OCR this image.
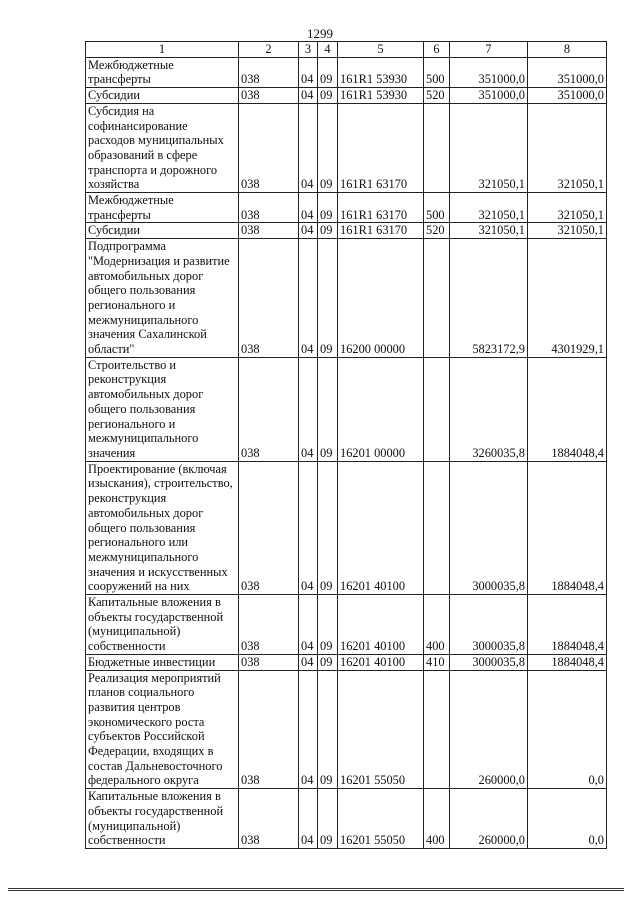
1299
1	2	3	4	5	6	7	8
Межбюджетные трансферты	038	04	09	161R1 53930	500	351000,0	351000,0
Субсидии	038	04	09	161R1 53930	520	351000,0	351000,0
Субсидия на софинансирование расходов муниципальных образований в сфере транспорта и дорожного хозяйства	038	04	09	161R1 63170		321050,1	321050,1
Межбюджетные трансферты	038	04	09	161R1 63170	500	321050,1	321050,1
Субсидии	038	04	09	161R1 63170	520	321050,1	321050,1
Подпрограмма "Модернизация и развитие автомобильных дорог общего пользования регионального и межмуниципального значения Сахалинской области"	038	04	09	16200 00000		5823172,9	4301929,1
Строительство и реконструкция автомобильных дорог общего пользования регионального и межмуниципального значения	038	04	09	16201 00000		3260035,8	1884048,4
Проектирование (включая изыскания), строительство, реконструкция автомобильных дорог общего пользования регионального или межмуниципального значения и искусственных сооружений на них	038	04	09	16201 40100		3000035,8	1884048,4
Капитальные вложения в объекты государственной (муниципальной) собственности	038	04	09	16201 40100	400	3000035,8	1884048,4
Бюджетные инвестиции	038	04	09	16201 40100	410	3000035,8	1884048,4
Реализация мероприятий планов социального развития центров экономического роста субъектов Российской Федерации, входящих в состав Дальневосточного федерального округа	038	04	09	16201 55050		260000,0	0,0
Капитальные вложения в объекты государственной (муниципальной) собственности	038	04	09	16201 55050	400	260000,0	0,0
